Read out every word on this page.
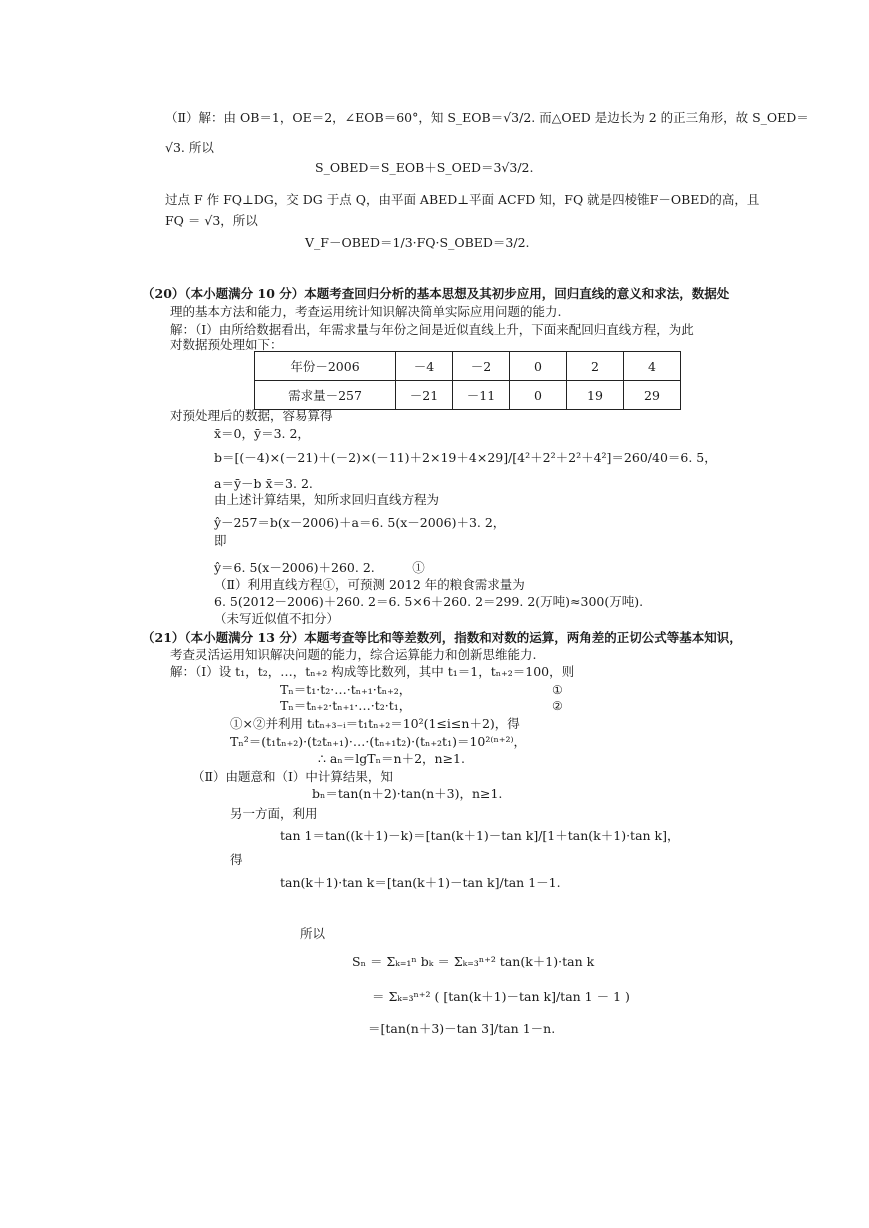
（Ⅱ）解：由 OB＝1，OE＝2，∠EOB＝60°，知 S_EOB＝√3/2. 而△OED 是边长为 2 的正三角形，故 S_OED＝
√3. 所以
S_OBED＝S_EOB＋S_OED＝3√3/2.
过点 F 作 FQ⊥DG，交 DG 于点 Q，由平面 ABED⊥平面 ACFD 知，FQ 就是四棱锥F－OBED的高，且
FQ ＝ √3，所以
V_F－OBED＝1/3·FQ·S_OBED＝3/2.
（20）（本小题满分 10 分）本题考查回归分析的基本思想及其初步应用，回归直线的意义和求法，数据处
理的基本方法和能力，考查运用统计知识解决简单实际应用问题的能力.
解：（Ⅰ）由所给数据看出，年需求量与年份之间是近似直线上升，下面来配回归直线方程，为此
对数据预处理如下：
年份－2006	－4	－2	0	2	4
需求量－257	－21	－11	0	19	29
对预处理后的数据，容易算得
x̄＝0，ȳ＝3. 2，
b＝[(－4)×(－21)＋(－2)×(－11)＋2×19＋4×29]/[4²＋2²＋2²＋4²]＝260/40＝6. 5，
a＝ȳ－b x̄＝3. 2.
由上述计算结果，知所求回归直线方程为
ŷ－257＝b(x－2006)＋a＝6. 5(x－2006)＋3. 2，
即
ŷ＝6. 5(x－2006)＋260. 2.　　　①
（Ⅱ）利用直线方程①，可预测 2012 年的粮食需求量为
6. 5(2012－2006)＋260. 2＝6. 5×6＋260. 2＝299. 2(万吨)≈300(万吨).
（未写近似值不扣分）
（21）（本小题满分 13 分）本题考查等比和等差数列，指数和对数的运算，两角差的正切公式等基本知识，
考查灵活运用知识解决问题的能力，综合运算能力和创新思维能力.
解：（Ⅰ）设 t₁，t₂，…，tₙ₊₂ 构成等比数列，其中 t₁＝1，tₙ₊₂＝100，则
Tₙ＝t₁·t₂·…·tₙ₊₁·tₙ₊₂，	①
Tₙ＝tₙ₊₂·tₙ₊₁·…·t₂·t₁，	②
①×②并利用 tᵢtₙ₊₃₋ᵢ＝t₁tₙ₊₂＝10²(1≤i≤n＋2)，得
Tₙ²＝(t₁tₙ₊₂)·(t₂tₙ₊₁)·…·(tₙ₊₁t₂)·(tₙ₊₂t₁)＝10²⁽ⁿ⁺²⁾，
∴ aₙ＝lgTₙ＝n＋2，n≥1.
（Ⅱ）由题意和（Ⅰ）中计算结果，知
bₙ＝tan(n＋2)·tan(n＋3)，n≥1.
另一方面，利用
tan 1＝tan((k＋1)－k)＝[tan(k＋1)－tan k]/[1＋tan(k＋1)·tan k]，
得
tan(k＋1)·tan k＝[tan(k＋1)－tan k]/tan 1－1.
所以
Sₙ ＝ Σₖ₌₁ⁿ bₖ ＝ Σₖ₌₃ⁿ⁺² tan(k＋1)·tan k
＝ Σₖ₌₃ⁿ⁺² ( [tan(k＋1)－tan k]/tan 1 － 1 )
＝[tan(n＋3)－tan 3]/tan 1－n.
